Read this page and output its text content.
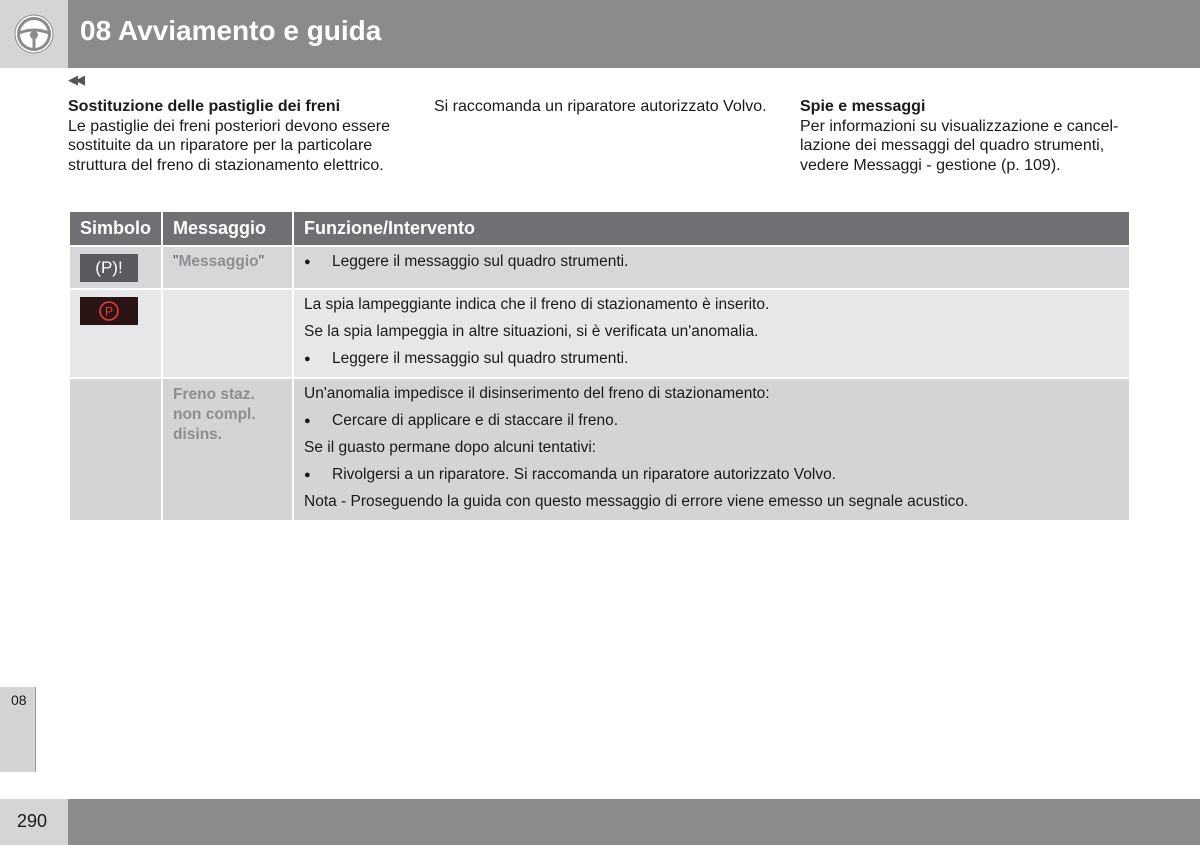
08 Avviamento e guida
◀◀
Sostituzione delle pastiglie dei freni

Le pastiglie dei freni posteriori devono essere sostituite da un riparatore per la particolare struttura del freno di stazionamento elettrico.

Si raccomanda un riparatore autorizzato Volvo.	Spie e messaggi

Per informazioni su visualizzazione e cancel-lazione dei messaggi del quadro strumenti, vedere Messaggi - gestione (p. 109).

Simbolo	Messaggio	Funzione/Intervento
(P)!	"Messaggio"	● Leggere il messaggio sul quadro strumenti.

P		La spia lampeggiante indica che il freno di stazionamento è inserito.
Se la spia lampeggia in altre situazioni, si è verificata un'anomalia.
● Leggere il messaggio sul quadro strumenti.

	Freno staz. non compl. disins.	Un'anomalia impedisce il disinserimento del freno di stazionamento:
● Cercare di applicare e di staccare il freno.
Se il guasto permane dopo alcuni tentativi:
● Rivolgersi a un riparatore. Si raccomanda un riparatore autorizzato Volvo.
Nota - Proseguendo la guida con questo messaggio di errore viene emesso un segnale acustico.
08
290
